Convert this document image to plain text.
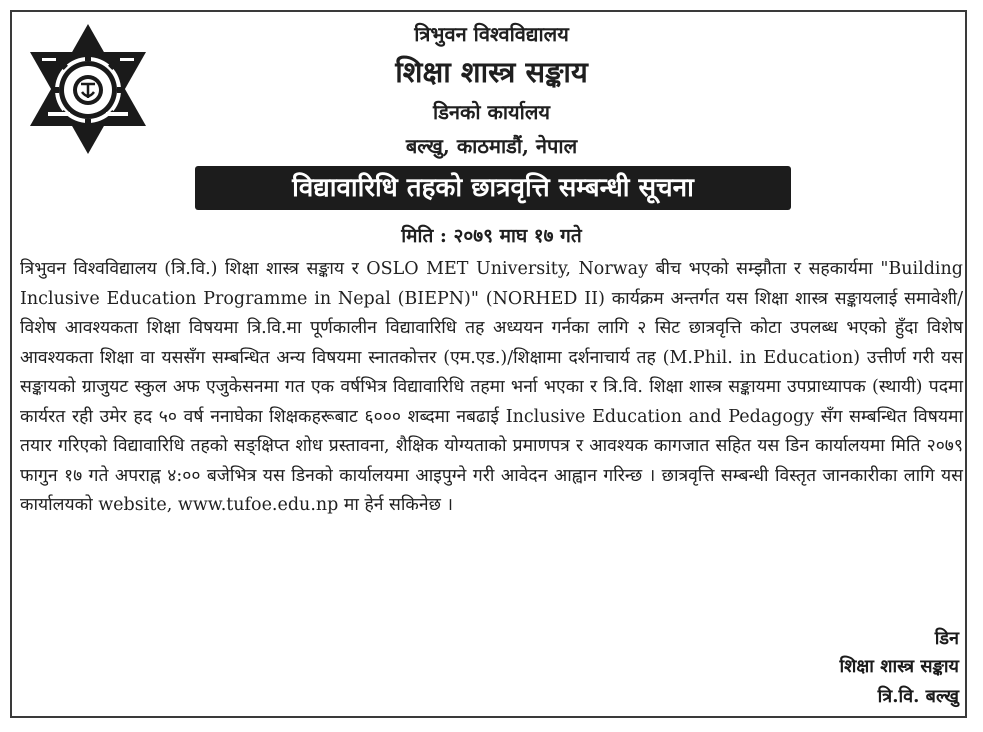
त्रिभुवन विश्वविद्यालय
शिक्षा शास्त्र सङ्काय
डिनको कार्यालय
बल्खु, काठमाडौं, नेपाल
विद्यावारिधि तहको छात्रवृत्ति सम्बन्धी सूचना
मिति : २०७९ माघ १७ गते
त्रिभुवन विश्वविद्यालय (त्रि.वि.) शिक्षा शास्त्र सङ्काय र OSLO MET University, Norway बीच भएको सम्झौता र सहकार्यमा "Building Inclusive Education Programme in Nepal (BIEPN)" (NORHED II) कार्यक्रम अन्तर्गत यस शिक्षा शास्त्र सङ्कायलाई समावेशी/विशेष आवश्यकता शिक्षा विषयमा त्रि.वि.मा पूर्णकालीन विद्यावारिधि तह अध्ययन गर्नका लागि २ सिट छात्रवृत्ति कोटा उपलब्ध भएको हुँदा विशेष आवश्यकता शिक्षा वा यससँग सम्बन्धित अन्य विषयमा स्नातकोत्तर (एम.एड.)/शिक्षामा दर्शनाचार्य तह (M.Phil. in Education) उत्तीर्ण गरी यस सङ्कायको ग्राजुयट स्कुल अफ एजुकेसनमा गत एक वर्षभित्र विद्यावारिधि तहमा भर्ना भएका र त्रि.वि. शिक्षा शास्त्र सङ्कायमा उपप्राध्यापक (स्थायी) पदमा कार्यरत रही उमेर हद ५० वर्ष ननाघेका शिक्षकहरूबाट ६००० शब्दमा नबढाई Inclusive Education and Pedagogy सँग सम्बन्धित विषयमा तयार गरिएको विद्यावारिधि तहको सङ्क्षिप्त शोध प्रस्तावना, शैक्षिक योग्यताको प्रमाणपत्र र आवश्यक कागजात सहित यस डिन कार्यालयमा मिति २०७९ फागुन १७ गते अपराह्न ४:०० बजेभित्र यस डिनको कार्यालयमा आइपुग्ने गरी आवेदन आह्वान गरिन्छ । छात्रवृत्ति सम्बन्धी विस्तृत जानकारीका लागि यस कार्यालयको website, www.tufoe.edu.np मा हेर्न सकिनेछ ।
डिन
शिक्षा शास्त्र सङ्काय
त्रि.वि. बल्खु
